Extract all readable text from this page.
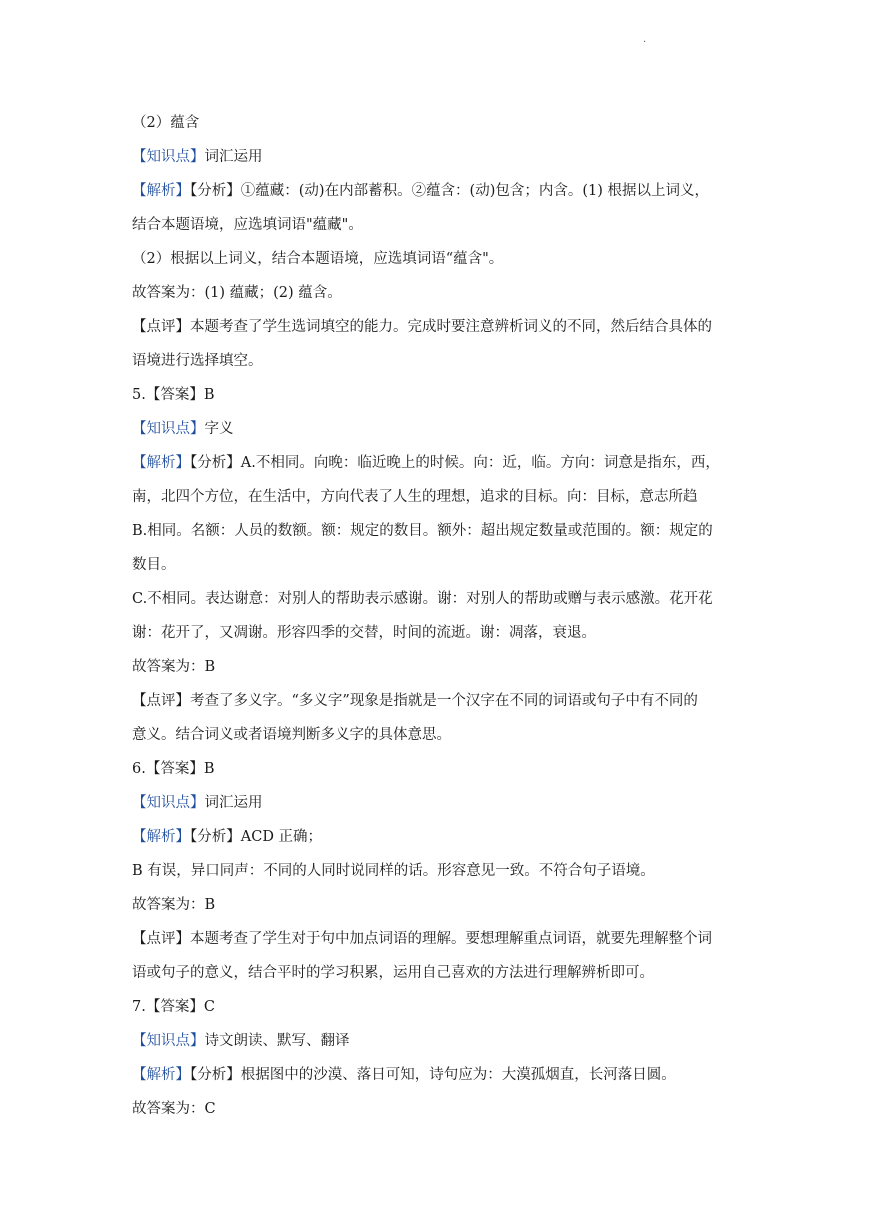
.
（2）蕴含
【知识点】词汇运用
【解析】【分析】①蕴藏：(动)在内部蓄积。②蕴含：(动)包含；内含。(1) 根据以上词义，
结合本题语境，应选填词语"蕴藏"。
（2）根据以上词义，结合本题语境，应选填词语“蕴含"。
故答案为：(1) 蕴藏；(2) 蕴含。
【点评】本题考查了学生选词填空的能力。完成时要注意辨析词义的不同，然后结合具体的
语境进行选择填空。
5.【答案】B
【知识点】字义
【解析】【分析】A.不相同。向晚：临近晚上的时候。向：近，临。方向：词意是指东，西，
南，北四个方位，在生活中，方向代表了人生的理想，追求的目标。向：目标，意志所趋
B.相同。名额：人员的数额。额：规定的数目。额外：超出规定数量或范围的。额：规定的
数目。
C.不相同。表达谢意：对别人的帮助表示感谢。谢：对别人的帮助或赠与表示感激。花开花
谢：花开了，又凋谢。形容四季的交替，时间的流逝。谢：凋落，衰退。
故答案为：B
【点评】考查了多义字。“多义字”现象是指就是一个汉字在不同的词语或句子中有不同的
意义。结合词义或者语境判断多义字的具体意思。
6.【答案】B
【知识点】词汇运用
【解析】【分析】ACD 正确；
B 有误，异口同声：不同的人同时说同样的话。形容意见一致。不符合句子语境。
故答案为：B
【点评】本题考查了学生对于句中加点词语的理解。要想理解重点词语，就要先理解整个词
语或句子的意义，结合平时的学习积累，运用自己喜欢的方法进行理解辨析即可。
7.【答案】C
【知识点】诗文朗读、默写、翻译
【解析】【分析】根据图中的沙漠、落日可知，诗句应为：大漠孤烟直，长河落日圆。
故答案为：C
